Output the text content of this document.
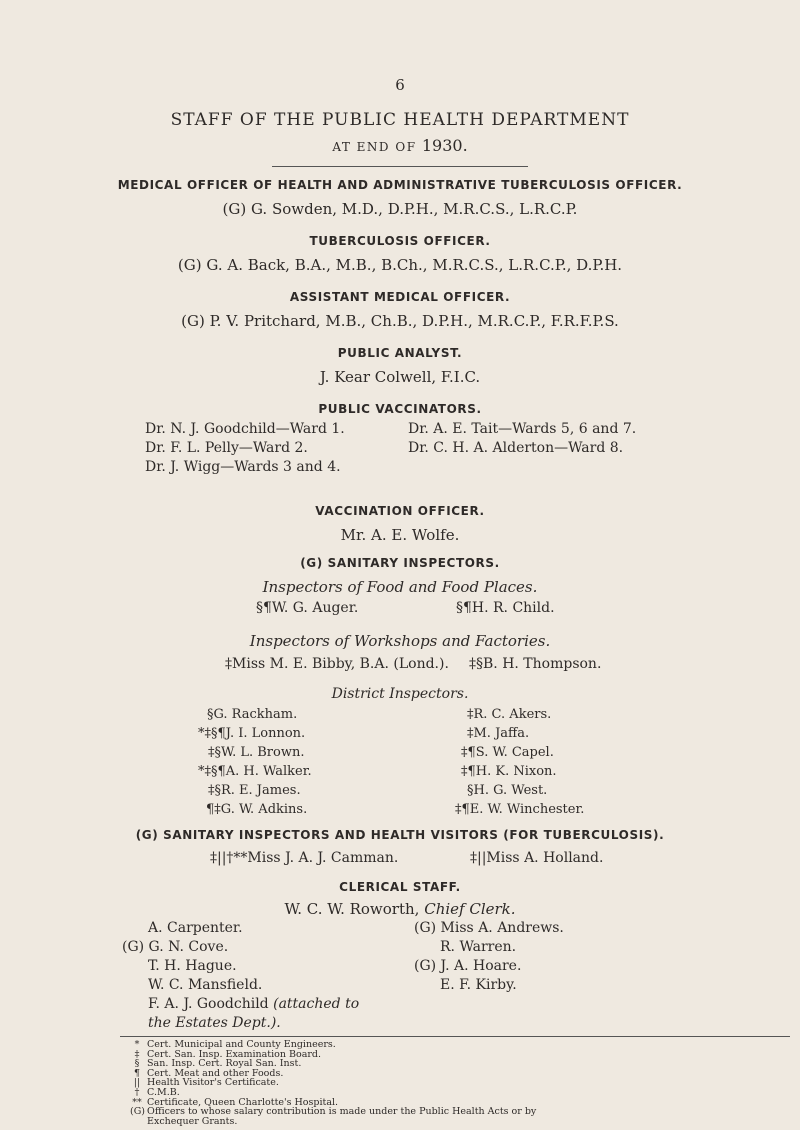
6
STAFF OF THE PUBLIC HEALTH DEPARTMENT
AT END OF 1930.
MEDICAL OFFICER OF HEALTH AND ADMINISTRATIVE TUBERCULOSIS OFFICER.
(G) G. Sowden, M.D., D.P.H., M.R.C.S., L.R.C.P.
TUBERCULOSIS OFFICER.
(G) G. A. Back, B.A., M.B., B.Ch., M.R.C.S., L.R.C.P., D.P.H.
ASSISTANT MEDICAL OFFICER.
(G) P. V. Pritchard, M.B., Ch.B., D.P.H., M.R.C.P., F.R.F.P.S.
PUBLIC ANALYST.
J. Kear Colwell, F.I.C.
PUBLIC VACCINATORS.
Dr. N. J. Goodchild—Ward 1.
Dr. F. L. Pelly—Ward 2.
Dr. J. Wigg—Wards 3 and 4.
Dr. A. E. Tait—Wards 5, 6 and 7.
Dr. C. H. A. Alderton—Ward 8.
VACCINATION OFFICER.
Mr. A. E. Wolfe.
(G) SANITARY INSPECTORS.
Inspectors of Food and Food Places.
§¶W. G. Auger.	§¶H. R. Child.
Inspectors of Workshops and Factories.
‡Miss M. E. Bibby, B.A. (Lond.). ‡§B. H. Thompson.
District Inspectors.
§G. Rackham.
*‡§¶J. I. Lonnon.
‡§W. L. Brown.
*‡§¶A. H. Walker.
‡§R. E. James.
¶‡G. W. Adkins.
‡R. C. Akers.
‡M. Jaffa.
‡¶S. W. Capel.
‡¶H. K. Nixon.
§H. G. West.
‡¶E. W. Winchester.
(G) SANITARY INSPECTORS AND HEALTH VISITORS (FOR TUBERCULOSIS).
‡||†**Miss J. A. J. Camman.	‡||Miss A. Holland.
CLERICAL STAFF.
W. C. W. Roworth, Chief Clerk.
A. Carpenter.
(G) G. N. Cove.
T. H. Hague.
W. C. Mansfield.
F. A. J. Goodchild (attached to
the Estates Dept.).
(G) Miss A. Andrews.
R. Warren.
(G) J. A. Hoare.
E. F. Kirby.
* Cert. Municipal and County Engineers.
‡ Cert. San. Insp. Examination Board.
§ San. Insp. Cert. Royal San. Inst.
¶ Cert. Meat and other Foods.
|| Health Visitor's Certificate.
† C.M.B.
** Certificate, Queen Charlotte's Hospital.
(G) Officers to whose salary contribution is made under the Public Health Acts or by
Exchequer Grants.
